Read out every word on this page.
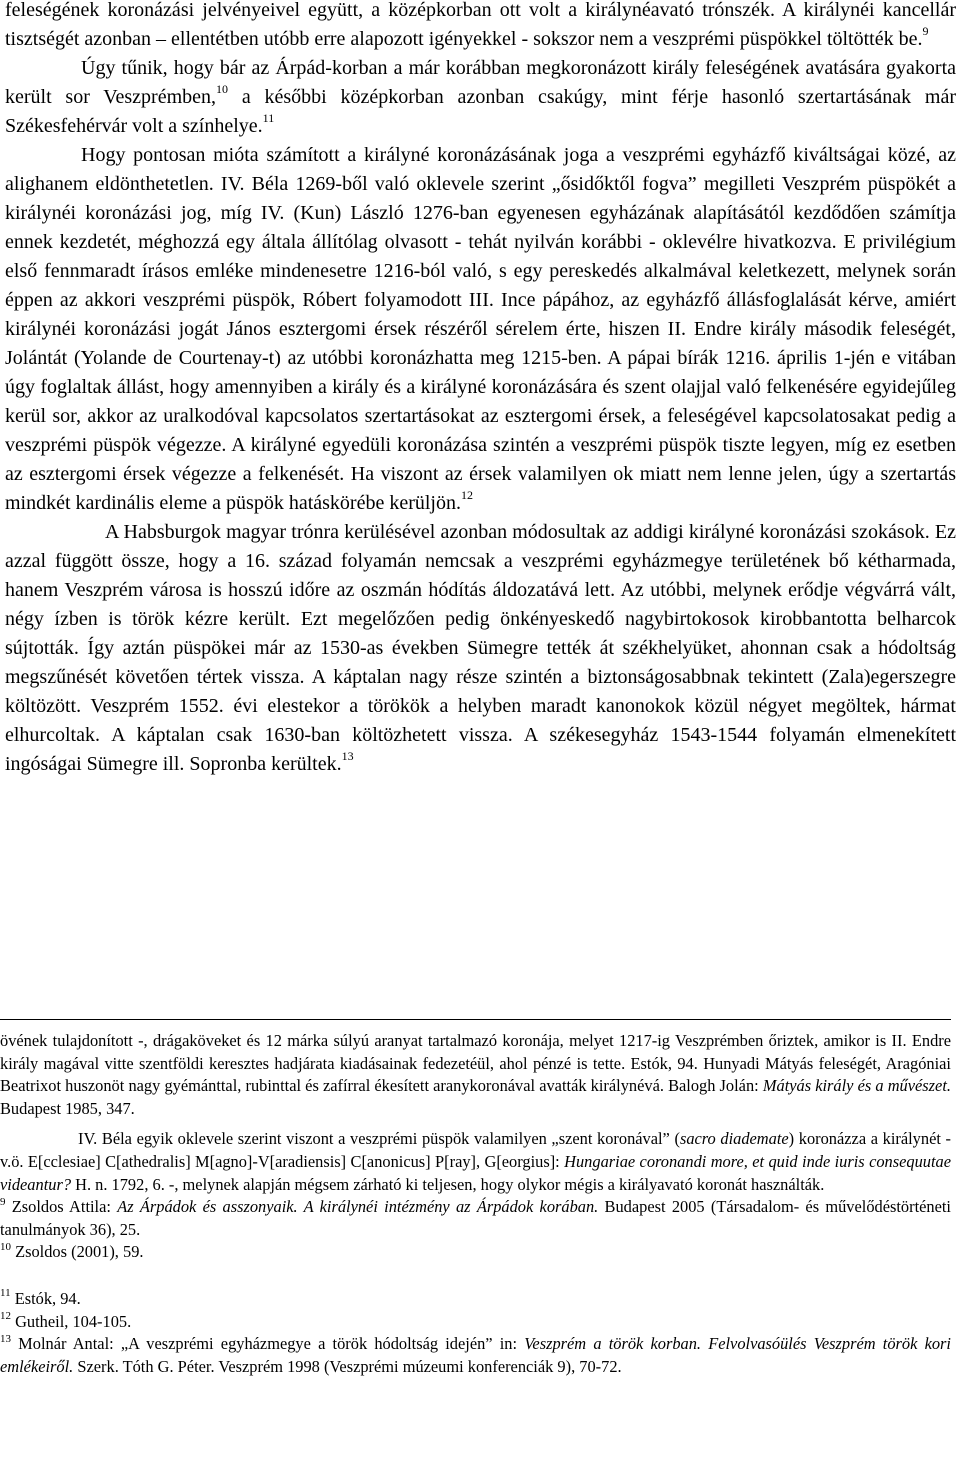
feleségének koronázási jelvényeivel együtt, a középkorban ott volt a királynéavató trónszék. A királynéi kancellár tisztségét azonban – ellentétben utóbb erre alapozott igényekkel - sokszor nem a veszprémi püspökkel töltötték be.$^9$

Úgy tűnik, hogy bár az Árpád-korban a már korábban megkoronázott király feleségének avatására gyakorta került sor Veszprémben,$^{10}$ a későbbi középkorban azonban csakúgy, mint férje hasonló szertartásának már Székesfehérvár volt a színhelye.$^{11}$

Hogy pontosan mióta számított a királyné koronázásának joga a veszprémi egyházfő kiváltságai közé, az alighanem eldönthetetlen. IV. Béla 1269-ből való oklevele szerint „ősidőktől fogva” megilleti Veszprém püspökét a királynéi koronázási jog, míg IV. (Kun) László 1276-ban egyenesen egyházának alapításától kezdődően számítja ennek kezdetét, méghozzá egy általa állítólag olvasott - tehát nyilván korábbi - oklevélre hivatkozva. E privilégium első fennmaradt írásos emléke mindenesetre 1216-ból való, s egy pereskedés alkalmával keletkezett, melynek során éppen az akkori veszprémi püspök, Róbert folyamodott III. Ince pápához, az egyházfő állásfoglalását kérve, amiért királynéi koronázási jogát János esztergomi érsek részéről sérelem érte, hiszen II. Endre király második feleségét, Jolántát (Yolande de Courtenay-t) az utóbbi koronázhatta meg 1215-ben. A pápai bírák 1216. április 1-jén e vitában úgy foglaltak állást, hogy amennyiben a király és a királyné koronázására és szent olajjal való felkenésére egyidejűleg kerül sor, akkor az uralkodóval kapcsolatos szertartásokat az esztergomi érsek, a feleségével kapcsolatosakat pedig a veszprémi püspök végezze. A királyné egyedüli koronázása szintén a veszprémi püspök tiszte legyen, míg ez esetben az esztergomi érsek végezze a felkenését. Ha viszont az érsek valamilyen ok miatt nem lenne jelen, úgy a szertartás mindkét kardinális eleme a püspök hatáskörébe kerüljön.$^{12}$

A Habsburgok magyar trónra kerülésével azonban módosultak az addigi királyné koronázási szokások. Ez azzal függött össze, hogy a 16. század folyamán nemcsak a veszprémi egyházmegye területének bő kétharmada, hanem Veszprém városa is hosszú időre az oszmán hódítás áldozatává lett. Az utóbbi, melynek erődje végvárrá vált, négy ízben is török kézre került. Ezt megelőzően pedig önkényeskedő nagybirtokosok kirobbantotta belharcok sújtották. Így aztán püspökei már az 1530-as években Sümegre tették át székhelyüket, ahonnan csak a hódoltság megszűnését követően tértek vissza. A káptalan nagy része szintén a biztonságosabbnak tekintett (Zala)egerszegre költözött. Veszprém 1552. évi elestekor a törökök a helyben maradt kanonokok közül négyet megöltek, hármat elhurcoltak. A káptalan csak 1630-ban költözhetett vissza. A székesegyház 1543-1544 folyamán elmenekített ingóságai Sümegre ill. Sopronba kerültek.$^{13}$

övének tulajdonított -, drágaköveket és 12 márka súlyú aranyat tartalmazó koronája, melyet 1217-ig Veszprémben őriztek, amikor is II. Endre király magával vitte szentföldi keresztes hadjárata kiadásainak fedezetéül, ahol pénzé is tette. Estók, 94. Hunyadi Mátyás feleségét, Aragóniai Beatrixot huszonöt nagy gyémánttal, rubinttal és zafírral ékesített aranykoronával avatták királynévá. Balogh Jolán: Mátyás király és a művészet. Budapest 1985, 347.

IV. Béla egyik oklevele szerint viszont a veszprémi püspök valamilyen „szent koronával” (sacro diademate) koronázza a királynét - v.ö. E[cclesiae] C[athedralis] M[agno]-V[aradiensis] C[anonicus] P[ray], G[eorgius]: Hungariae coronandi more, et quid inde iuris consequutae videantur? H. n. 1792, 6. -, melynek alapján mégsem zárható ki teljesen, hogy olykor mégis a királyavató koronát használták.

$^9$ Zsoldos Attila: Az Árpádok és asszonyaik. A királynéi intézmény az Árpádok korában. Budapest 2005 (Társadalom- és művelődéstörténeti tanulmányok 36), 25.

$^{10}$ Zsoldos (2001), 59.

$^{11}$ Estók, 94.

$^{12}$ Gutheil, 104-105.

$^{13}$ Molnár Antal: „A veszprémi egyházmegye a török hódoltság idején” in: Veszprém a török korban. Felvolvasóülés Veszprém török kori emlékeiről. Szerk. Tóth G. Péter. Veszprém 1998 (Veszprémi múzeumi konferenciák 9), 70-72.
